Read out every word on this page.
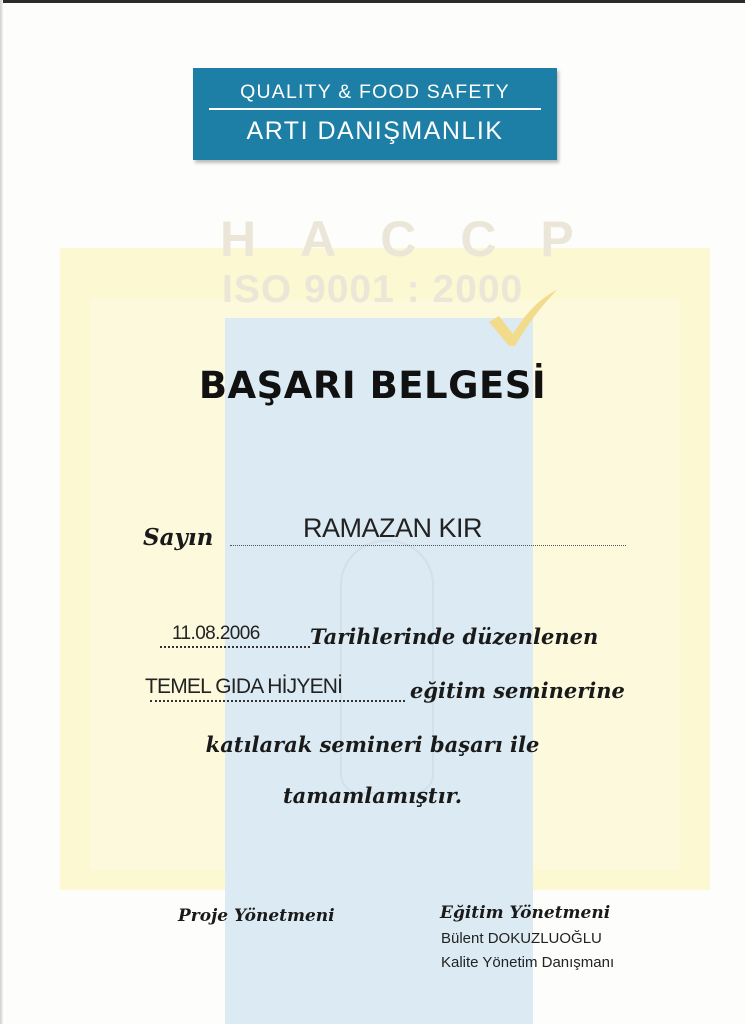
QUALITY & FOOD SAFETY
ARTI DANIŞMANLIK
HACCP
ISO 9001 : 2000
BAŞARI BELGESİ
Sayın	RAMAZAN KIR
11.08.2006 Tarihlerinde düzenlenen
TEMEL GIDA HİJYENİ	eğitim seminerine
katılarak semineri başarı ile
tamamlamıştır.
Proje Yönetmeni	Eğitim Yönetmeni
Bülent DOKUZLUOĞLU
Kalite Yönetim Danışmanı
